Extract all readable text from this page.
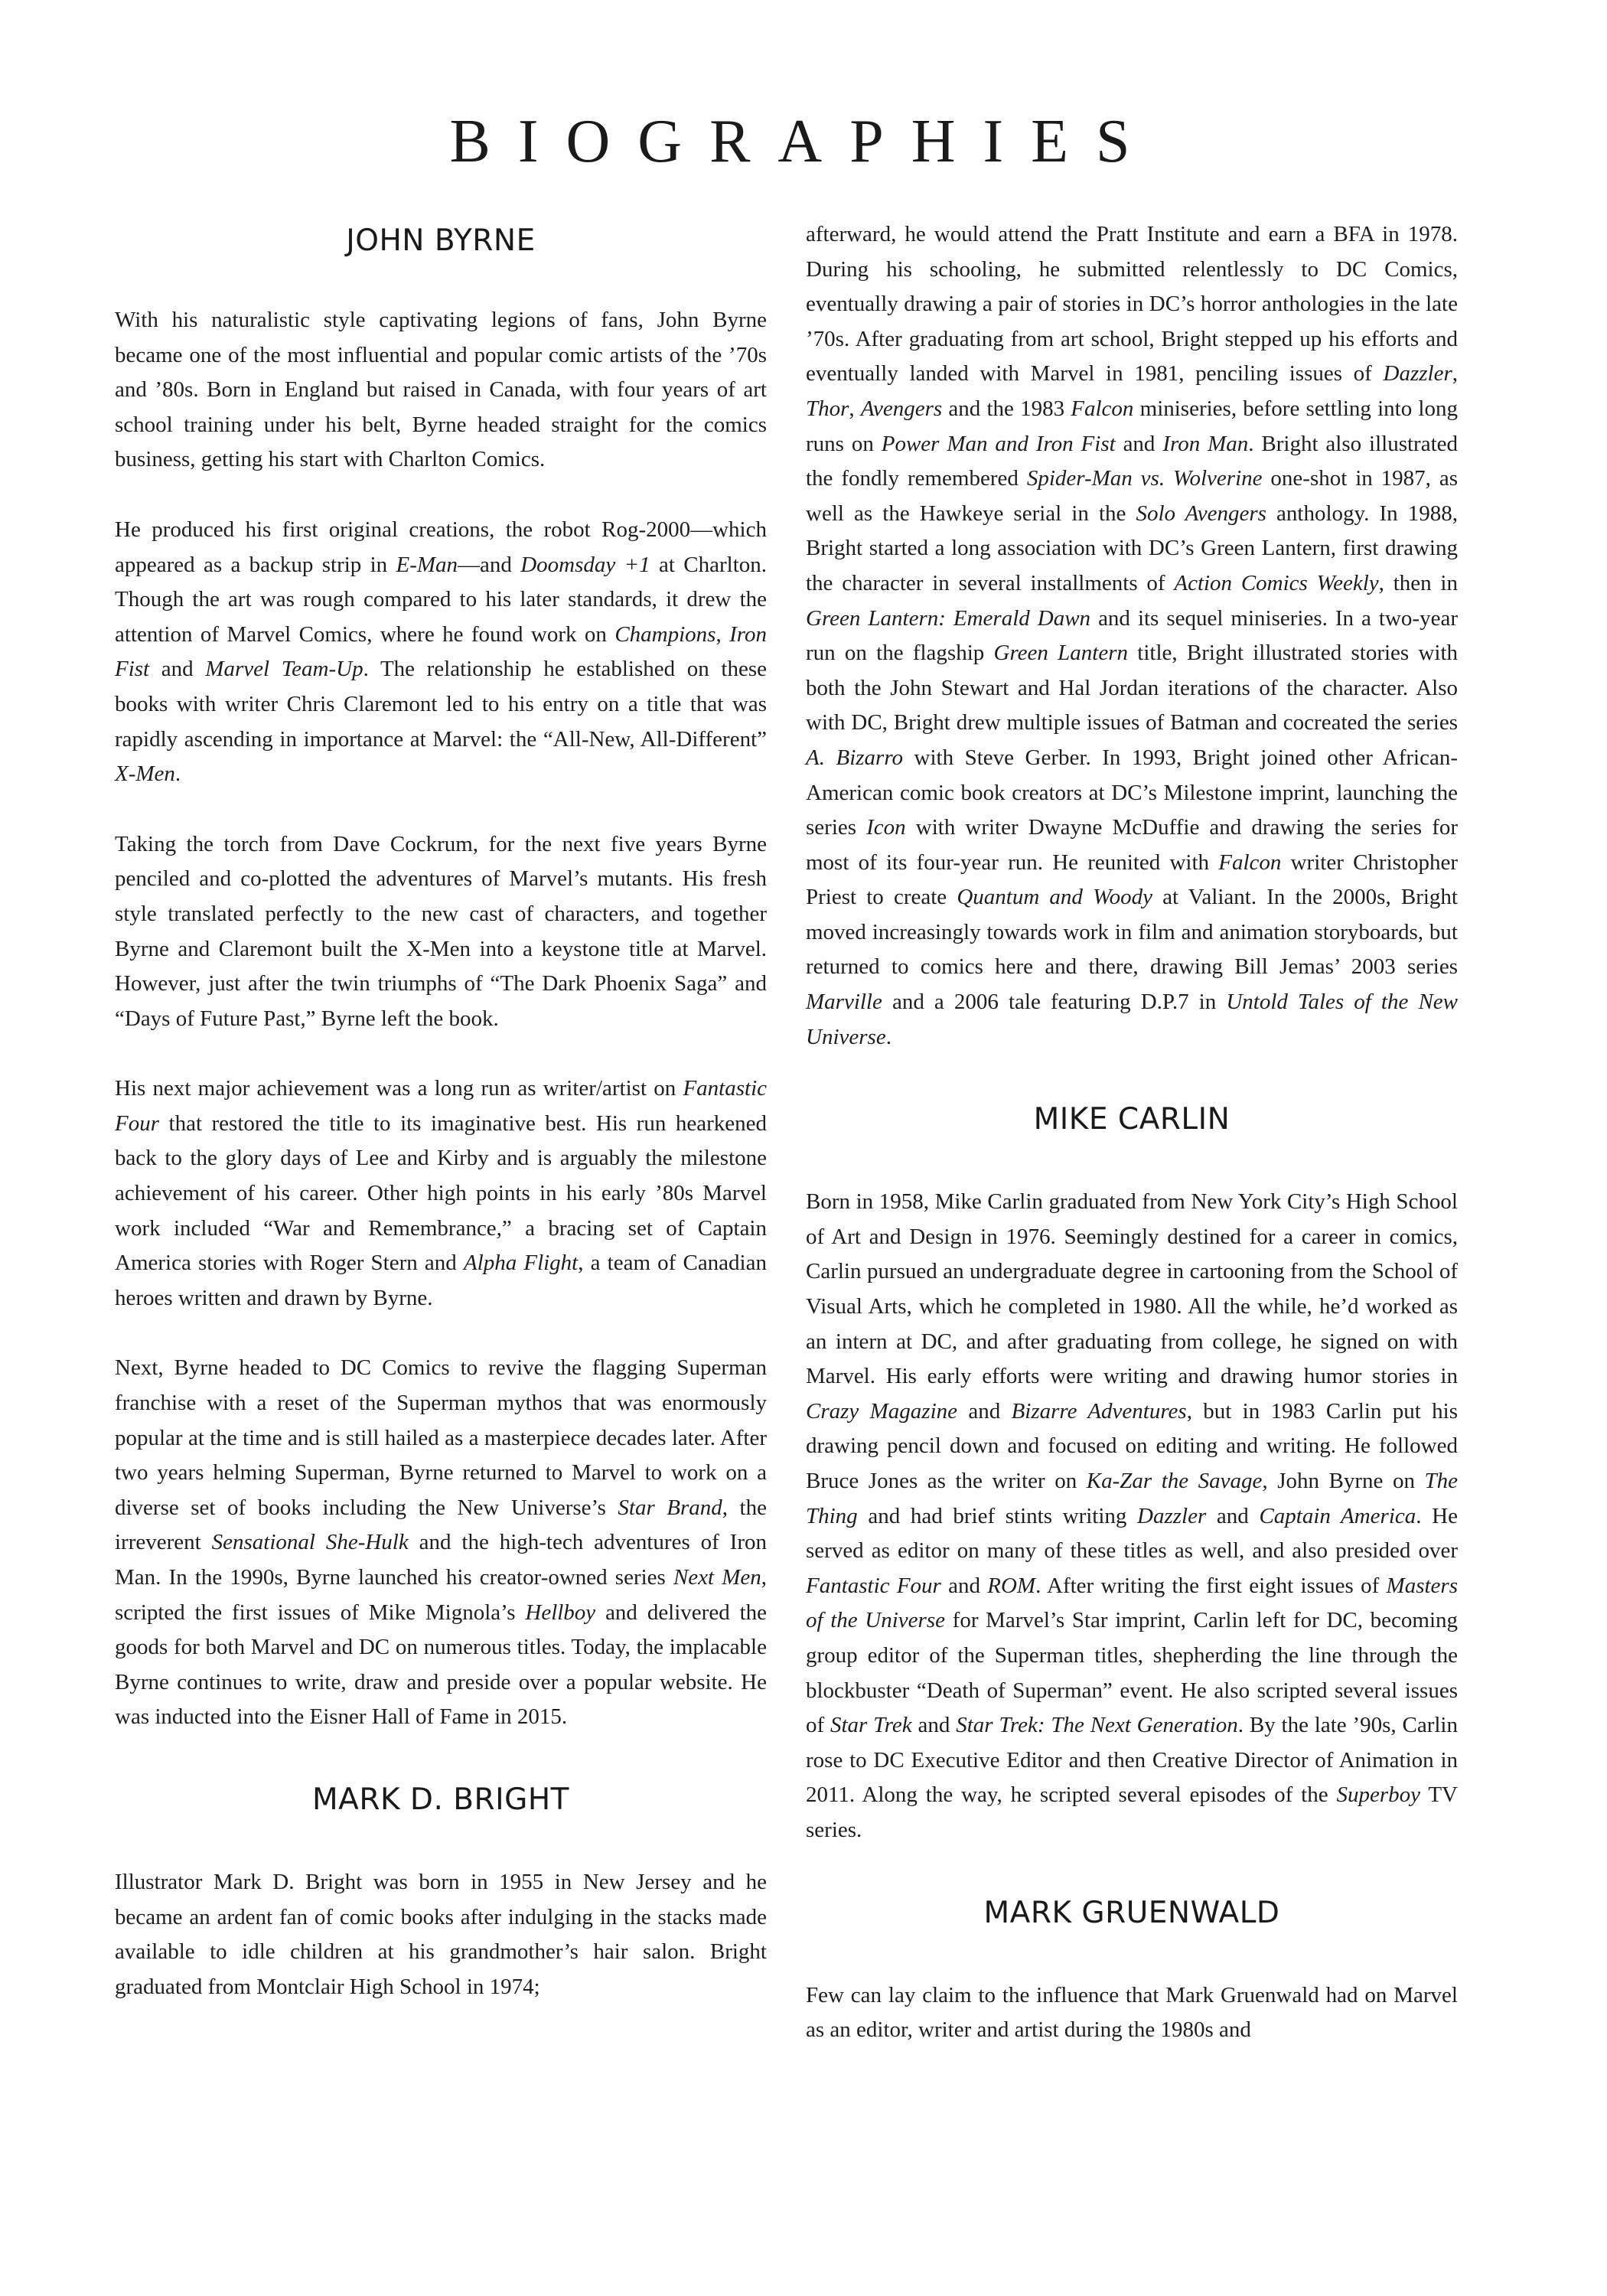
BIOGRAPHIES
JOHN BYRNE

With his naturalistic style captivating legions of fans, John Byrne became one of the most influential and popular comic artists of the ’70s and ’80s. Born in England but raised in Canada, with four years of art school training under his belt, Byrne headed straight for the comics business, getting his start with Charlton Comics.

He produced his first original creations, the robot Rog-2000—which appeared as a backup strip in E-Man—and Doomsday +1 at Charlton. Though the art was rough compared to his later standards, it drew the attention of Marvel Comics, where he found work on Champions, Iron Fist and Marvel Team-Up. The relationship he established on these books with writer Chris Claremont led to his entry on a title that was rapidly ascending in importance at Marvel: the “All-New, All-Different” X-Men.

Taking the torch from Dave Cockrum, for the next five years Byrne penciled and co-plotted the adventures of Marvel’s mutants. His fresh style translated perfectly to the new cast of characters, and together Byrne and Claremont built the X-Men into a keystone title at Marvel. However, just after the twin triumphs of “The Dark Phoenix Saga” and “Days of Future Past,” Byrne left the book.

His next major achievement was a long run as writer/artist on Fantastic Four that restored the title to its imaginative best. His run hearkened back to the glory days of Lee and Kirby and is arguably the milestone achievement of his career. Other high points in his early ’80s Marvel work included “War and Remembrance,” a bracing set of Captain America stories with Roger Stern and Alpha Flight, a team of Canadian heroes written and drawn by Byrne.

Next, Byrne headed to DC Comics to revive the flagging Superman franchise with a reset of the Superman mythos that was enormously popular at the time and is still hailed as a masterpiece decades later. After two years helming Superman, Byrne returned to Marvel to work on a diverse set of books including the New Universe’s Star Brand, the irreverent Sensational She-Hulk and the high-tech adventures of Iron Man. In the 1990s, Byrne launched his creator-owned series Next Men, scripted the first issues of Mike Mignola’s Hellboy and delivered the goods for both Marvel and DC on numerous titles. Today, the implacable Byrne continues to write, draw and preside over a popular website. He was inducted into the Eisner Hall of Fame in 2015.

MARK D. BRIGHT

Illustrator Mark D. Bright was born in 1955 in New Jersey and he became an ardent fan of comic books after indulging in the stacks made available to idle children at his grandmother’s hair salon. Bright graduated from Montclair High School in 1974;

afterward, he would attend the Pratt Institute and earn a BFA in 1978. During his schooling, he submitted relentlessly to DC Comics, eventually drawing a pair of stories in DC’s horror anthologies in the late ’70s. After graduating from art school, Bright stepped up his efforts and eventually landed with Marvel in 1981, penciling issues of Dazzler, Thor, Avengers and the 1983 Falcon miniseries, before settling into long runs on Power Man and Iron Fist and Iron Man. Bright also illustrated the fondly remembered Spider-Man vs. Wolverine one-shot in 1987, as well as the Hawkeye serial in the Solo Avengers anthology. In 1988, Bright started a long association with DC’s Green Lantern, first drawing the character in several installments of Action Comics Weekly, then in Green Lantern: Emerald Dawn and its sequel miniseries. In a two-year run on the flagship Green Lantern title, Bright illustrated stories with both the John Stewart and Hal Jordan iterations of the character. Also with DC, Bright drew multiple issues of Batman and cocreated the series A. Bizarro with Steve Gerber. In 1993, Bright joined other African-American comic book creators at DC’s Milestone imprint, launching the series Icon with writer Dwayne McDuffie and drawing the series for most of its four-year run. He reunited with Falcon writer Christopher Priest to create Quantum and Woody at Valiant. In the 2000s, Bright moved increasingly towards work in film and animation storyboards, but returned to comics here and there, drawing Bill Jemas’ 2003 series Marville and a 2006 tale featuring D.P.7 in Untold Tales of the New Universe.

MIKE CARLIN

Born in 1958, Mike Carlin graduated from New York City’s High School of Art and Design in 1976. Seemingly destined for a career in comics, Carlin pursued an undergraduate degree in cartooning from the School of Visual Arts, which he completed in 1980. All the while, he’d worked as an intern at DC, and after graduating from college, he signed on with Marvel. His early efforts were writing and drawing humor stories in Crazy Magazine and Bizarre Adventures, but in 1983 Carlin put his drawing pencil down and focused on editing and writing. He followed Bruce Jones as the writer on Ka-Zar the Savage, John Byrne on The Thing and had brief stints writing Dazzler and Captain America. He served as editor on many of these titles as well, and also presided over Fantastic Four and ROM. After writing the first eight issues of Masters of the Universe for Marvel’s Star imprint, Carlin left for DC, becoming group editor of the Superman titles, shepherding the line through the blockbuster “Death of Superman” event. He also scripted several issues of Star Trek and Star Trek: The Next Generation. By the late ’90s, Carlin rose to DC Executive Editor and then Creative Director of Animation in 2011. Along the way, he scripted several episodes of the Superboy TV series.

MARK GRUENWALD

Few can lay claim to the influence that Mark Gruenwald had on Marvel as an editor, writer and artist during the 1980s and
